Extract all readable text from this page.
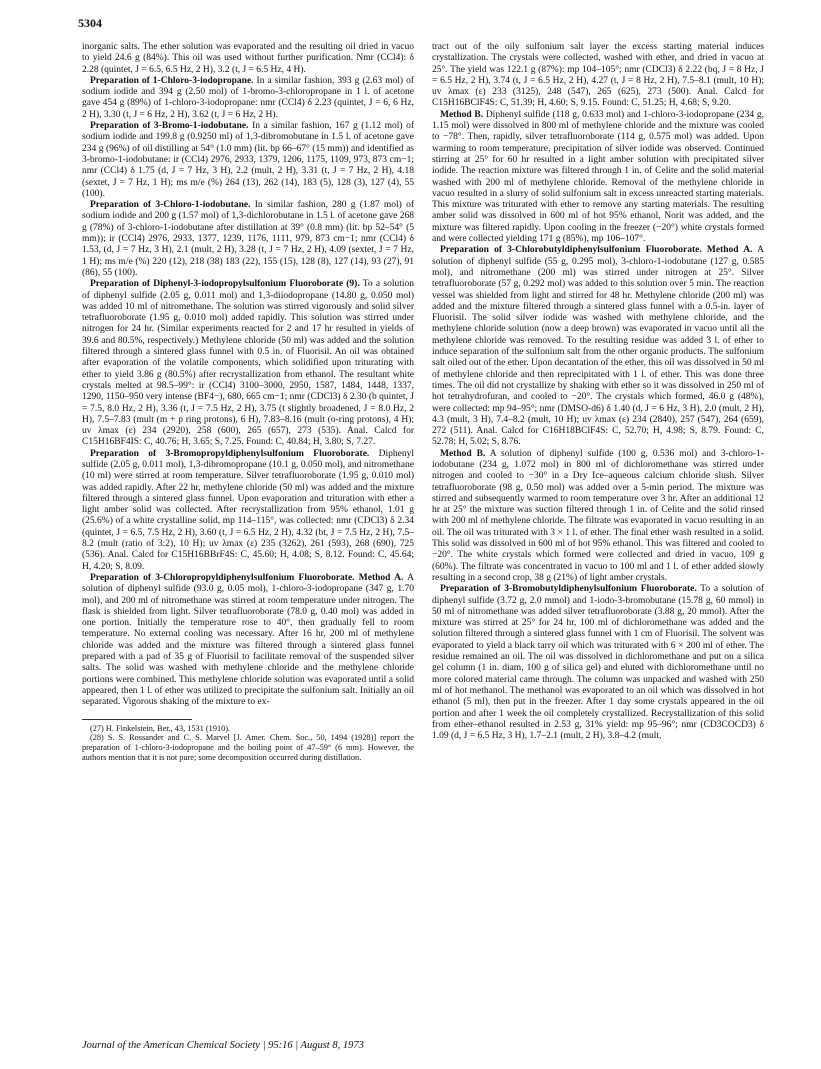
5304

inorganic salts. The ether solution was evaporated and the resulting oil dried in vacuo to yield 24.6 g (84%). This oil was used without further purification. Nmr (CCl4): δ 2.28 (quintet, J = 6.5, 6.5 Hz, 2 H), 3.2 (t, J = 6.5 Hz, 4 H).

Preparation of 1-Chloro-3-iodopropane. In a similar fashion, 393 g (2.63 mol) of sodium iodide and 394 g (2.50 mol) of 1-bromo-3-chloropropane in 1 l. of acetone gave 454 g (89%) of 1-chloro-3-iodopropane: nmr (CCl4) δ 2.23 (quintet, J = 6, 6 Hz, 2 H), 3.30 (t, J = 6 Hz, 2 H), 3.62 (t, J = 6 Hz, 2 H).

Preparation of 3-Bromo-1-iodobutane. In a similar fashion, 167 g (1.12 mol) of sodium iodide and 199.8 g (0.9250 ml) of 1,3-dibromobutane in 1.5 l. of acetone gave 234 g (96%) of oil distilling at 54° (1.0 mm) (lit. bp 66–67° (15 mm)) and identified as 3-bromo-1-iodobutane: ir (CCl4) 2976, 2933, 1379, 1206, 1175, 1109, 973, 873 cm−1; nmr (CCl4) δ 1.75 (d, J = 7 Hz, 3 H), 2.2 (mult, 2 H), 3.31 (t, J = 7 Hz, 2 H), 4.18 (sextet, J = 7 Hz, 1 H); ms m/e (%) 264 (13), 262 (14), 183 (5), 128 (3), 127 (4), 55 (100).

Preparation of 3-Chloro-1-iodobutane. In similar fashion, 280 g (1.87 mol) of sodium iodide and 200 g (1.57 mol) of 1,3-dichlorobutane in 1.5 l. of acetone gave 268 g (78%) of 3-chloro-1-iodobutane after distillation at 39° (0.8 mm) (lit. bp 52–54° (5 mm)); ir (CCl4) 2976, 2933, 1377, 1239, 1176, 1111, 979, 873 cm−1; nmr (CCl4) δ 1.53, (d, J = 7 Hz, 3 H), 2.1 (mult, 2 H), 3.28 (t, J = 7 Hz, 2 H), 4.09 (sextet, J = 7 Hz, 1 H); ms m/e (%) 220 (12), 218 (38) 183 (22), 155 (15), 128 (8), 127 (14), 93 (27), 91 (86), 55 (100).

Preparation of Diphenyl-3-iodopropylsulfonium Fluoroborate (9). To a solution of diphenyl sulfide (2.05 g, 0.011 mol) and 1,3-diiodopropane (14.80 g, 0.050 mol) was added 10 ml of nitromethane. The solution was stirred vigorously and solid silver tetrafluoroborate (1.95 g, 0.010 mol) added rapidly. This solution was stirred under nitrogen for 24 hr. (Similar experiments reacted for 2 and 17 hr resulted in yields of 39.6 and 80.5%, respectively.) Methylene chloride (50 ml) was added and the solution filtered through a sintered glass funnel with 0.5 in. of Fluorisil. An oil was obtained after evaporation of the volatile components, which solidified upon triturating with ether to yield 3.86 g (80.5%) after recrystallization from ethanol. The resultant white crystals melted at 98.5–99°: ir (CCl4) 3100–3000, 2950, 1587, 1484, 1448, 1337, 1290, 1150–950 very intense (BF4−), 680, 665 cm−1; nmr (CDCl3) δ 2.30 (b quintet, J = 7.5, 8.0 Hz, 2 H), 3.36 (t, J = 7.5 Hz, 2 H), 3.75 (t slightly broadened, J = 8.0 Hz, 2 H), 7.5–7.83 (mult (m + p ring protons), 6 H), 7.83–8.16 (mult (o-ring protons), 4 H); uv λmax (ε) 234 (2920), 258 (600), 265 (657), 273 (535). Anal. Calcd for C15H16BF4IS: C, 40.76; H, 3.65; S, 7.25. Found: C, 40.84; H, 3.80; S, 7.27.

Preparation of 3-Bromopropyldiphenylsulfonium Fluoroborate. Diphenyl sulfide (2.05 g, 0.011 mol), 1,3-dibromopropane (10.1 g, 0.050 mol), and nitromethane (10 ml) were stirred at room temperature. Silver tetrafluoroborate (1.95 g, 0.010 mol) was added rapidly. After 22 hr, methylene chloride (50 ml) was added and the mixture filtered through a sintered glass funnel. Upon evaporation and trituration with ether a light amber solid was collected. After recrystallization from 95% ethanol, 1.01 g (25.6%) of a white crystalline solid, mp 114–115°, was collected: nmr (CDCl3) δ 2.34 (quintet, J = 6.5, 7.5 Hz, 2 H), 3.60 (t, J = 6.5 Hz, 2 H), 4.32 (bt, J = 7.5 Hz, 2 H), 7.5–8.2 (mult (ratio of 3:2), 10 H); uv λmax (ε) 235 (3262), 261 (593), 268 (690), 725 (536). Anal. Calcd for C15H16BBrF4S: C, 45.60; H, 4.08; S, 8.12. Found: C, 45.64; H, 4.20; S, 8.09.

Preparation of 3-Chloropropyldiphenylsulfonium Fluoroborate. Method A. A solution of diphenyl sulfide (93.0 g, 0.05 mol), 1-chloro-3-iodopropane (347 g, 1.70 mol), and 200 ml of nitromethane was stirred at room temperature under nitrogen. The flask is shielded from light. Silver tetrafluoroborate (78.0 g, 0.40 mol) was added in one portion. Initially the temperature rose to 40°, then gradually fell to room temperature. No external cooling was necessary. After 16 hr, 200 ml of methylene chloride was added and the mixture was filtered through a sintered glass funnel prepared with a pad of 35 g of Fluorisil to facilitate removal of the suspended silver salts. The solid was washed with methylene chloride and the methylene chloride portions were combined. This methylene chloride solution was evaporated until a solid appeared, then 1 l. of ether was utilized to precipitate the sulfonium salt. Initially an oil separated. Vigorous shaking of the mixture to ex-

(27) H. Finkelstein, Ber., 43, 1531 (1910).

(28) S. S. Rossander and C. S. Marvel [J. Amer. Chem. Soc., 50, 1494 (1928)] report the preparation of 1-chloro-3-iodopropane and the boiling point of 47–59° (6 mm). However, the authors mention that it is not pure; some decomposition occurred during distillation.

tract out of the oily sulfonium salt layer the excess starting material induces crystallization. The crystals were collected, washed with ether, and dried in vacuo at 25°. The yield was 122.1 g (87%): mp 104–105°; nmr (CDCl3) δ 2.22 (bq, J = 8 Hz, J = 6.5 Hz, 2 H), 3.74 (t, J = 6.5 Hz, 2 H), 4.27 (t, J = 8 Hz, 2 H), 7.5–8.1 (mult, 10 H); uv λmax (ε) 233 (3125), 248 (547), 265 (625), 273 (500). Anal. Calcd for C15H16BClF4S: C, 51.39; H, 4.60; S, 9.15. Found: C, 51.25; H, 4.68; S, 9.20.

Method B. Diphenyl sulfide (118 g, 0.633 mol) and 1-chloro-3-iodopropane (234 g, 1.15 mol) were dissolved in 800 ml of methylene chloride and the mixture was cooled to −78°. Then, rapidly, silver tetrafluoroborate (114 g, 0.575 mol) was added. Upon warming to room temperature, precipitation of silver iodide was observed. Continued stirring at 25° for 60 hr resulted in a light amber solution with precipitated silver iodide. The reaction mixture was filtered through 1 in. of Celite and the solid material washed with 200 ml of methylene chloride. Removal of the methylene chloride in vacuo resulted in a slurry of solid sulfonium salt in excess unreacted starting materials. This mixture was triturated with ether to remove any starting materials. The resulting amber solid was dissolved in 600 ml of hot 95% ethanol, Norit was added, and the mixture was filtered rapidly. Upon cooling in the freezer (−20°) white crystals formed and were collected yielding 171 g (85%), mp 106–107°.

Preparation of 3-Chlorobutyldiphenylsulfonium Fluoroborate. Method A. A solution of diphenyl sulfide (55 g, 0.295 mol), 3-chloro-1-iodobutane (127 g, 0.585 mol), and nitromethane (200 ml) was stirred under nitrogen at 25°. Silver tetrafluoroborate (57 g, 0.292 mol) was added to this solution over 5 min. The reaction vessel was shielded from light and stirred for 48 hr. Methylene chloride (200 ml) was added and the mixture filtered through a sintered glass funnel with a 0.5-in. layer of Fluorisil. The solid silver iodide was washed with methylene chloride, and the methylene chloride solution (now a deep brown) was evaporated in vacuo until all the methylene chloride was removed. To the resulting residue was added 3 l. of ether to induce separation of the sulfonium salt from the other organic products. The sulfonium salt oiled out of the ether. Upon decantation of the ether, this oil was dissolved in 50 ml of methylene chloride and then reprecipitated with 1 l. of ether. This was done three times. The oil did not crystallize by shaking with ether so it was dissolved in 250 ml of hot tetrahydrofuran, and cooled to −20°. The crystals which formed, 46.0 g (48%), were collected: mp 94–95°; nmr (DMSO-d6) δ 1.40 (d, J = 6 Hz, 3 H), 2.0 (mult, 2 H), 4.3 (mult, 3 H), 7.4–8.2 (mult, 10 H); uv λmax (ε) 234 (2840), 257 (547), 264 (659), 272 (511). Anal. Calcd for C16H18BClF4S: C, 52.70; H, 4.98; S, 8.79. Found: C, 52.78; H, 5.02; S, 8.76.

Method B. A solution of diphenyl sulfide (100 g, 0.536 mol) and 3-chloro-1-iodobutane (234 g, 1.072 mol) in 800 ml of dichloromethane was stirred under nitrogen and cooled to −30° in a Dry Ice–aqueous calcium chloride slush. Silver tetrafluoroborate (98 g, 0.50 mol) was added over a 5-min period. The mixture was stirred and subsequently warmed to room temperature over 3 hr. After an additional 12 hr at 25° the mixture was suction filtered through 1 in. of Celite and the solid rinsed with 200 ml of methylene chloride. The filtrate was evaporated in vacuo resulting in an oil. The oil was triturated with 3 × 1 l. of ether. The final ether wash resulted in a solid. This solid was dissolved in 600 ml of hot 95% ethanol. This was filtered and cooled to −20°. The white crystals which formed were collected and dried in vacuo, 109 g (60%). The filtrate was concentrated in vacuo to 100 ml and 1 l. of ether added slowly resulting in a second crop, 38 g (21%) of light amber crystals.

Preparation of 3-Bromobutyldiphenylsulfonium Fluoroborate. To a solution of diphenyl sulfide (3.72 g, 2.0 mmol) and 1-iodo-3-bromobutane (15.78 g, 60 mmol) in 50 ml of nitromethane was added silver tetrafluoroborate (3.88 g, 20 mmol). After the mixture was stirred at 25° for 24 hr, 100 ml of dichloromethane was added and the solution filtered through a sintered glass funnel with 1 cm of Fluorisil. The solvent was evaporated to yield a black tarry oil which was triturated with 6 × 200 ml of ether. The residue remained an oil. The oil was dissolved in dichloromethane and put on a silica gel column (1 in. diam, 100 g of silica gel) and eluted with dichloromethane until no more colored material came through. The column was unpacked and washed with 250 ml of hot methanol. The methanol was evaporated to an oil which was dissolved in hot ethanol (5 ml), then put in the freezer. After 1 day some crystals appeared in the oil portion and after 1 week the oil completely crystallized. Recrystallization of this solid from ether–ethanol resulted in 2.53 g, 31% yield: mp 95–96°; nmr (CD3COCD3) δ 1.09 (d, J = 6.5 Hz, 3 H), 1.7–2.1 (mult, 2 H), 3.8–4.2 (mult,

Journal of the American Chemical Society | 95:16 | August 8, 1973
